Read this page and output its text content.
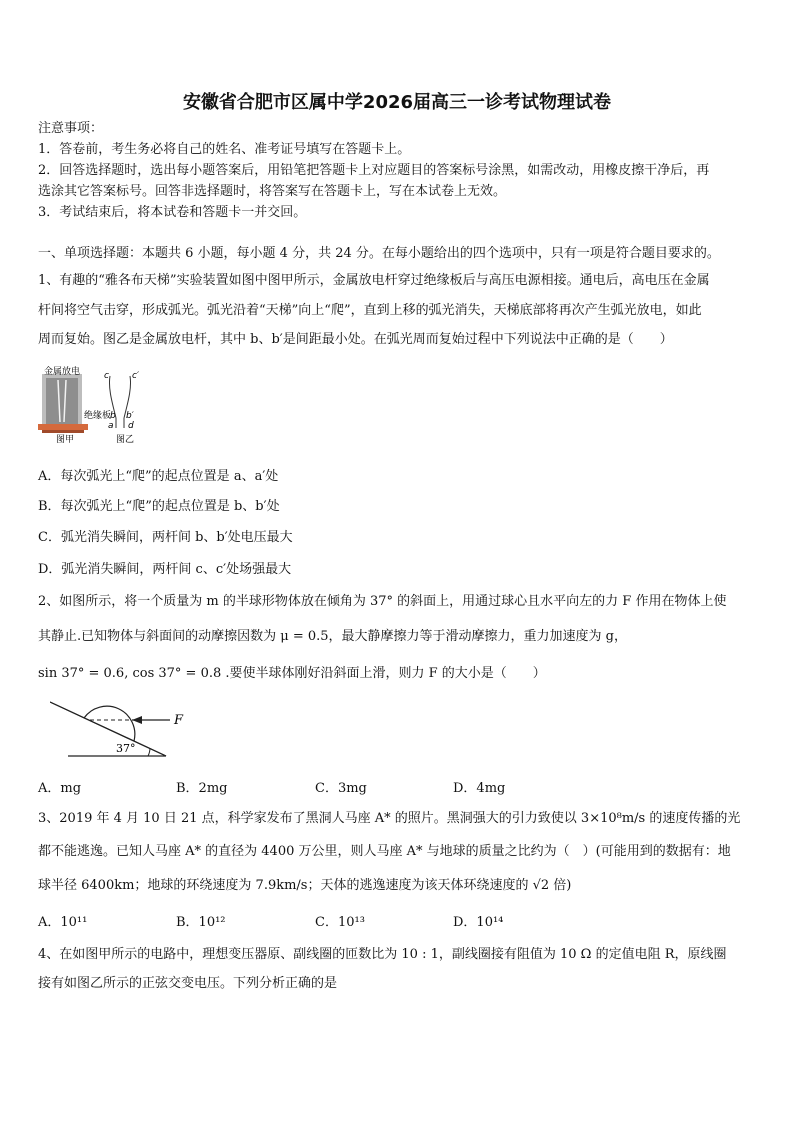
安徽省合肥市区属中学2026届高三一诊考试物理试卷
注意事项：
1．答卷前，考生务必将自己的姓名、准考证号填写在答题卡上。
2．回答选择题时，选出每小题答案后，用铅笔把答题卡上对应题目的答案标号涂黑，如需改动，用橡皮擦干净后，再
选涂其它答案标号。回答非选择题时，将答案写在答题卡上，写在本试卷上无效。
3．考试结束后，将本试卷和答题卡一并交回。
一、单项选择题：本题共 6 小题，每小题 4 分，共 24 分。在每小题给出的四个选项中，只有一项是符合题目要求的。
1、有趣的“雅各布天梯”实验装置如图中图甲所示，金属放电杆穿过绝缘板后与高压电源相接。通电后，高电压在金属
杆间将空气击穿，形成弧光。弧光沿着“天梯”向上“爬”，直到上移的弧光消失，天梯底部将再次产生弧光放电，如此
周而复始。图乙是金属放电杆，其中 b、b′是间距最小处。在弧光周而复始过程中下列说法中正确的是（　　）
金属放电
绝缘板
图甲
c	c′
b b′
a d
图乙
A．每次弧光上“爬”的起点位置是 a、a′处
B．每次弧光上“爬”的起点位置是 b、b′处
C．弧光消失瞬间，两杆间 b、b′处电压最大
D．弧光消失瞬间，两杆间 c、c′处场强最大
2、如图所示，将一个质量为 m 的半球形物体放在倾角为 37° 的斜面上，用通过球心且水平向左的力 F 作用在物体上使
其静止.已知物体与斜面间的动摩擦因数为 μ = 0.5，最大静摩擦力等于滑动摩擦力，重力加速度为 g，
sin 37° = 0.6, cos 37° = 0.8 .要使半球体刚好沿斜面上滑，则力 F 的大小是（　　）
F
37°
A．mg	B．2mg	C．3mg	D．4mg
3、2019 年 4 月 10 日 21 点，科学家发布了黑洞人马座 A* 的照片。黑洞强大的引力致使以 3×10⁸m/s 的速度传播的光
都不能逃逸。已知人马座 A* 的直径为 4400 万公里，则人马座 A* 与地球的质量之比约为（　）(可能用到的数据有：地
球半径 6400km；地球的环绕速度为 7.9km/s；天体的逃逸速度为该天体环绕速度的 √2 倍)
A．10¹¹	B．10¹²	C．10¹³	D．10¹⁴
4、在如图甲所示的电路中，理想变压器原、副线圈的匝数比为 10 : 1，副线圈接有阻值为 10 Ω 的定值电阻 R，原线圈
接有如图乙所示的正弦交变电压。下列分析正确的是
